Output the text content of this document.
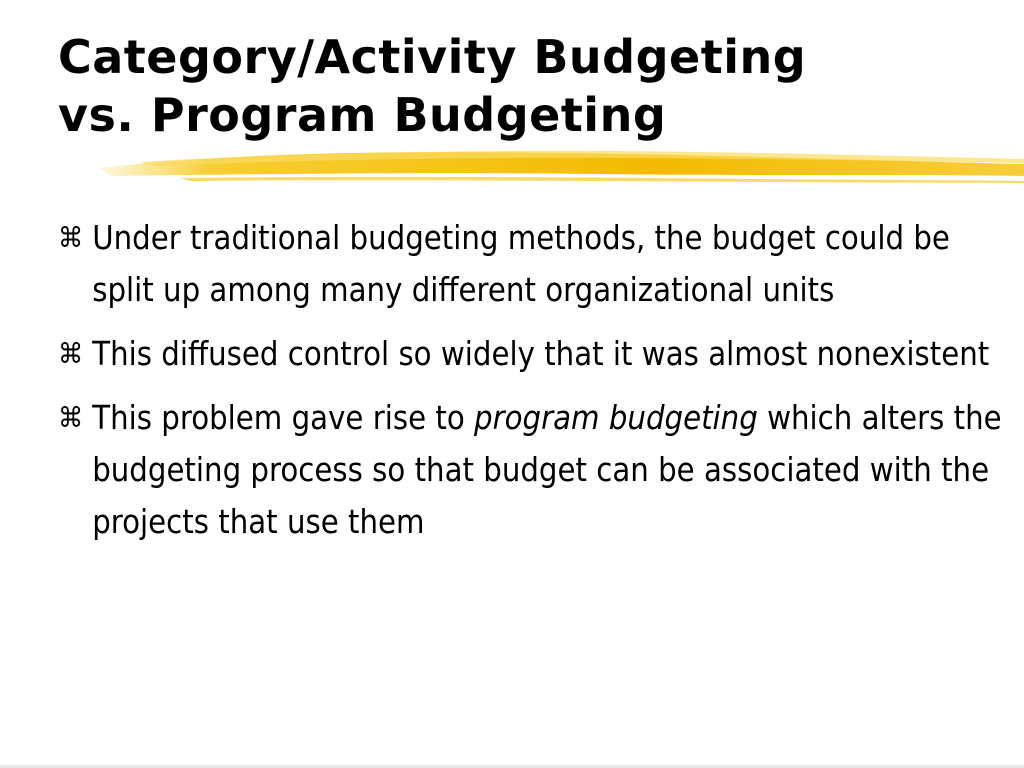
Category/Activity Budgeting
vs. Program Budgeting
⌘ Under traditional budgeting methods, the budget could be split up among many different organizational units
⌘ This diffused control so widely that it was almost nonexistent
⌘ This problem gave rise to program budgeting which alters the budgeting process so that budget can be associated with the projects that use them
